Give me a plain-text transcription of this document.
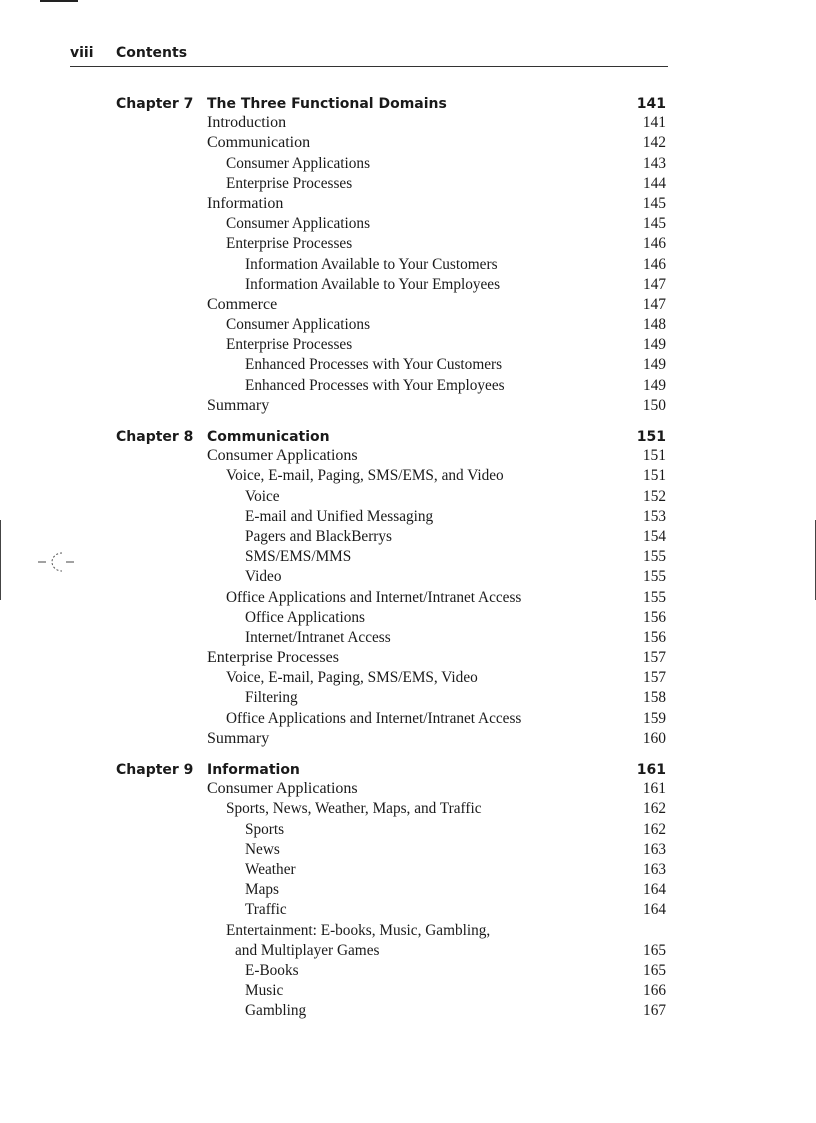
viii Contents
Chapter 7 The Three Functional Domains	141
Introduction	141
Communication	142
Consumer Applications	143
Enterprise Processes	144
Information	145
Consumer Applications	145
Enterprise Processes	146
Information Available to Your Customers	146
Information Available to Your Employees	147
Commerce	147
Consumer Applications	148
Enterprise Processes	149
Enhanced Processes with Your Customers	149
Enhanced Processes with Your Employees	149
Summary	150
Chapter 8 Communication	151
Consumer Applications	151
Voice, E-mail, Paging, SMS/EMS, and Video	151
Voice	152
E-mail and Unified Messaging	153
Pagers and BlackBerrys	154
SMS/EMS/MMS	155
Video	155
Office Applications and Internet/Intranet Access	155
Office Applications	156
Internet/Intranet Access	156
Enterprise Processes	157
Voice, E-mail, Paging, SMS/EMS, Video	157
Filtering	158
Office Applications and Internet/Intranet Access	159
Summary	160
Chapter 9 Information	161
Consumer Applications	161
Sports, News, Weather, Maps, and Traffic	162
Sports	162
News	163
Weather	163
Maps	164
Traffic	164
Entertainment: E-books, Music, Gambling,
and Multiplayer Games	165
E-Books	165
Music	166
Gambling	167
